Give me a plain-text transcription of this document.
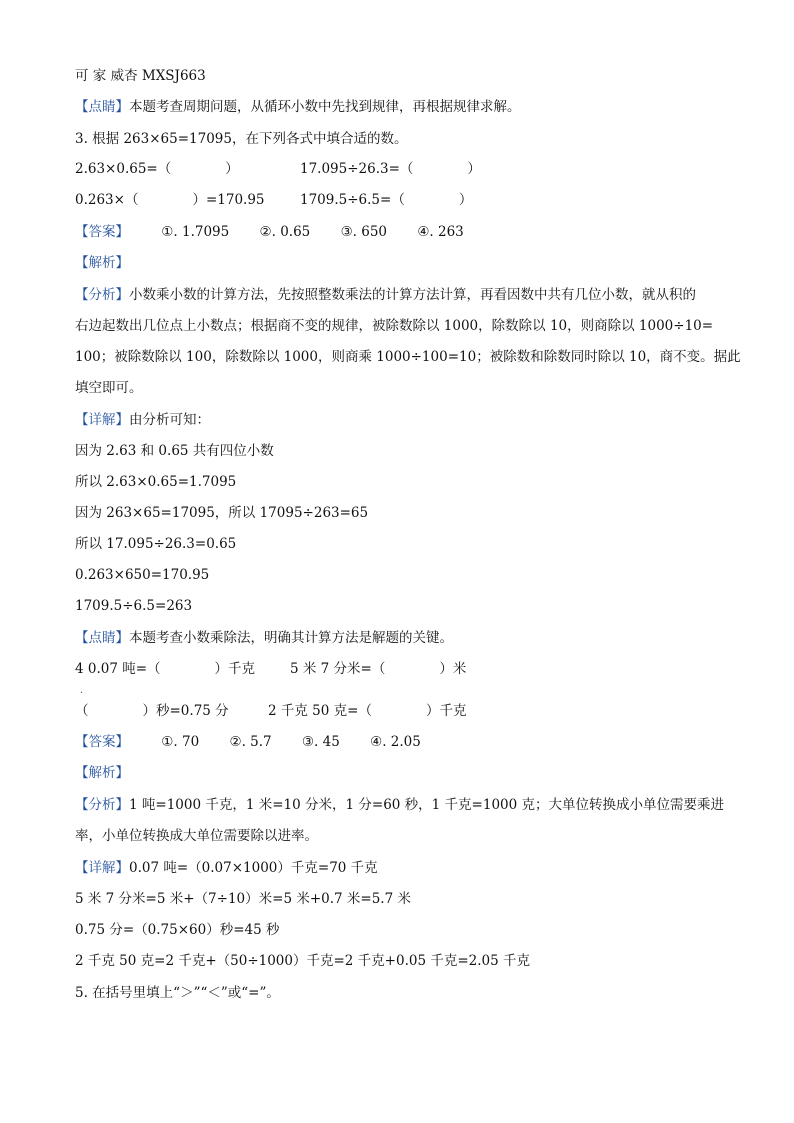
可 家 威杏 MXSJ663
【点睛】本题考查周期问题，从循环小数中先找到规律，再根据规律求解。
3. 根据 263×65=17095，在下列各式中填合适的数。
2.63×0.65=（　　　　）	17.095÷26.3=（　　　　）
0.263×（　　　　）=170.95	1709.5÷6.5=（　　　　）
【答案】 ①. 1.7095 ②. 0.65 ③. 650 ④. 263
【解析】
【分析】小数乘小数的计算方法，先按照整数乘法的计算方法计算，再看因数中共有几位小数，就从积的
右边起数出几位点上小数点；根据商不变的规律，被除数除以 1000，除数除以 10，则商除以 1000÷10=
100；被除数除以 100，除数除以 1000，则商乘 1000÷100=10；被除数和除数同时除以 10，商不变。据此
填空即可。
【详解】由分析可知：
因为 2.63 和 0.65 共有四位小数
所以 2.63×0.65=1.7095
因为 263×65=17095，所以 17095÷263=65
所以 17.095÷26.3=0.65
0.263×650=170.95
1709.5÷6.5=263
【点睛】本题考查小数乘除法，明确其计算方法是解题的关键。
4 0.07 吨=（　　　　）千克	5 米 7 分米=（　　　　）米
·
（　　　　）秒=0.75 分	2 千克 50 克=（　　　　）千克
【答案】 ①. 70 ②. 5.7 ③. 45 ④. 2.05
【解析】
【分析】1 吨=1000 千克，1 米=10 分米，1 分=60 秒，1 千克=1000 克；大单位转换成小单位需要乘进
率，小单位转换成大单位需要除以进率。
【详解】0.07 吨=（0.07×1000）千克=70 千克
5 米 7 分米=5 米+（7÷10）米=5 米+0.7 米=5.7 米
0.75 分=（0.75×60）秒=45 秒
2 千克 50 克=2 千克+（50÷1000）千克=2 千克+0.05 千克=2.05 千克
5. 在括号里填上“＞”“＜”或“=”。
